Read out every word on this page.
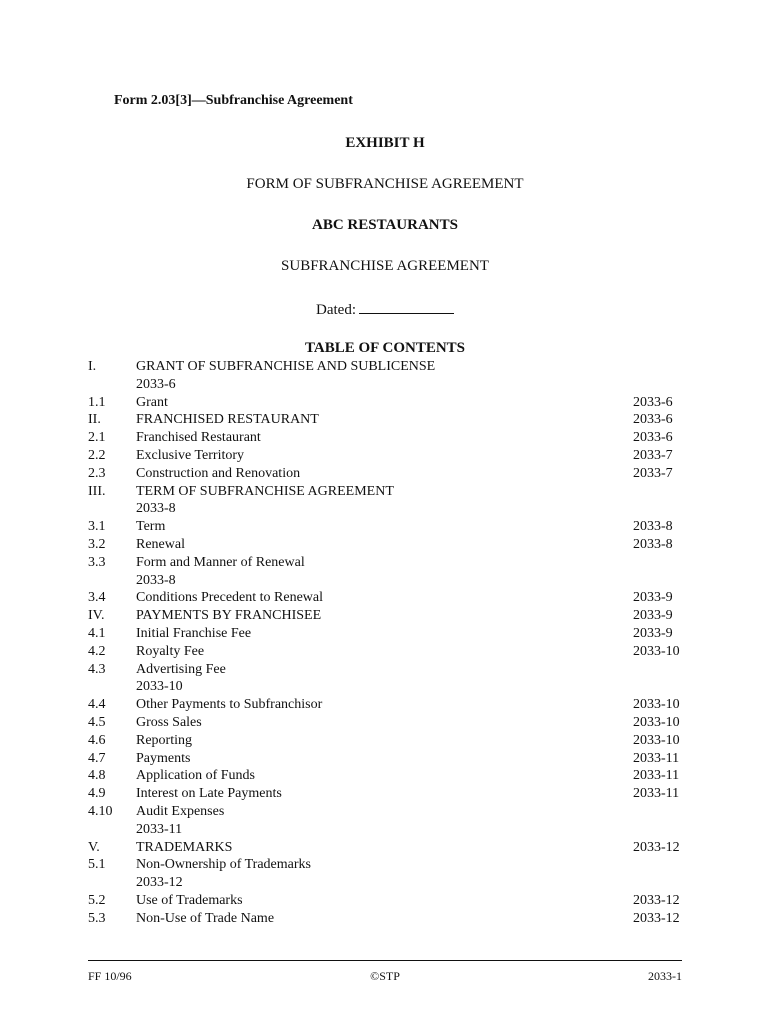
Form 2.03[3]—Subfranchise Agreement
EXHIBIT H
FORM OF SUBFRANCHISE AGREEMENT
ABC RESTAURANTS
SUBFRANCHISE AGREEMENT
Dated:
TABLE OF CONTENTS
I.	GRANT OF SUBFRANCHISE AND SUBLICENSE
2033-6
1.1 Grant	2033-6
II.	FRANCHISED RESTAURANT	2033-6
2.1 Franchised Restaurant	2033-6
2.2 Exclusive Territory	2033-7
2.3 Construction and Renovation	2033-7
III. TERM OF SUBFRANCHISE AGREEMENT
2033-8
3.1 Term	2033-8
3.2 Renewal	2033-8
3.3 Form and Manner of Renewal
2033-8
3.4 Conditions Precedent to Renewal	2033-9
IV. PAYMENTS BY FRANCHISEE	2033-9
4.1 Initial Franchise Fee	2033-9
4.2 Royalty Fee	2033-10
4.3 Advertising Fee
2033-10
4.4 Other Payments to Subfranchisor	2033-10
4.5 Gross Sales	2033-10
4.6 Reporting	2033-10
4.7 Payments	2033-11
4.8 Application of Funds	2033-11
4.9 Interest on Late Payments	2033-11
4.10 Audit Expenses
2033-11
V.	TRADEMARKS	2033-12
5.1 Non-Ownership of Trademarks
2033-12
5.2 Use of Trademarks	2033-12
5.3 Non-Use of Trade Name	2033-12
FF 10/96	©STP	2033-1
